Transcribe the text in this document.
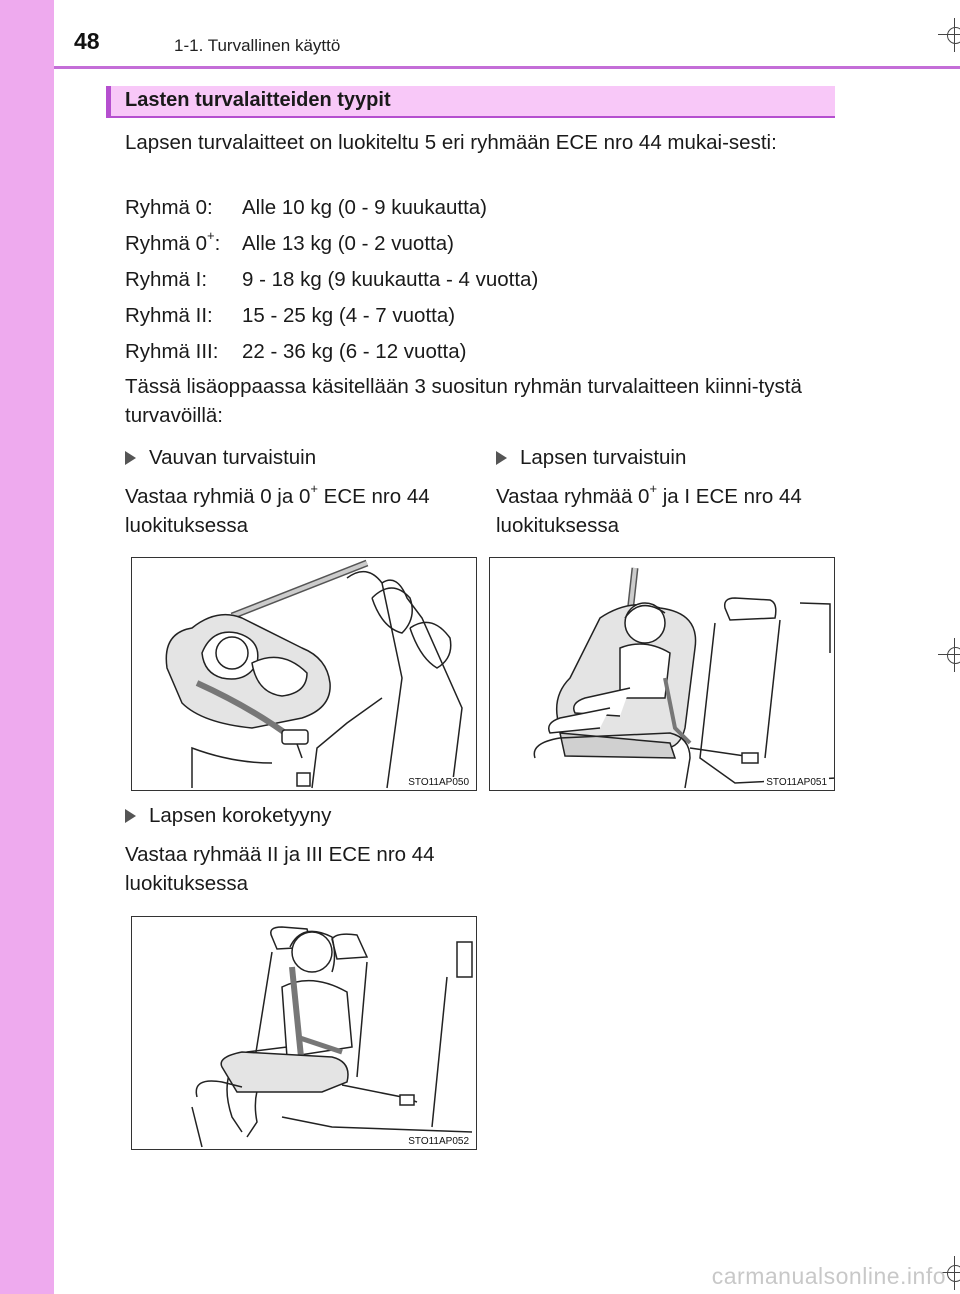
48	1-1. Turvallinen käyttö
Lasten turvalaitteiden tyypit
Lapsen turvalaitteet on luokiteltu 5 eri ryhmään ECE nro 44 mukai-sesti:
Ryhmä 0: Alle 10 kg (0 - 9 kuukautta)
Ryhmä 0+: Alle 13 kg (0 - 2 vuotta)
Ryhmä I: 9 - 18 kg (9 kuukautta - 4 vuotta)
Ryhmä II: 15 - 25 kg (4 - 7 vuotta)
Ryhmä III: 22 - 36 kg (6 - 12 vuotta)
Tässä lisäoppaassa käsitellään 3 suositun ryhmän turvalaitteen kiinni-tystä turvavöillä:
Vauvan turvaistuin
Vastaa ryhmiä 0 ja 0+ ECE nro 44 luokituksessa
STO11AP050
Lapsen turvaistuin
Vastaa ryhmää 0+ ja I ECE nro 44 luokituksessa
STO11AP051
Lapsen koroketyyny
Vastaa ryhmää II ja III ECE nro 44 luokituksessa
STO11AP052
carmanualsonline.info
